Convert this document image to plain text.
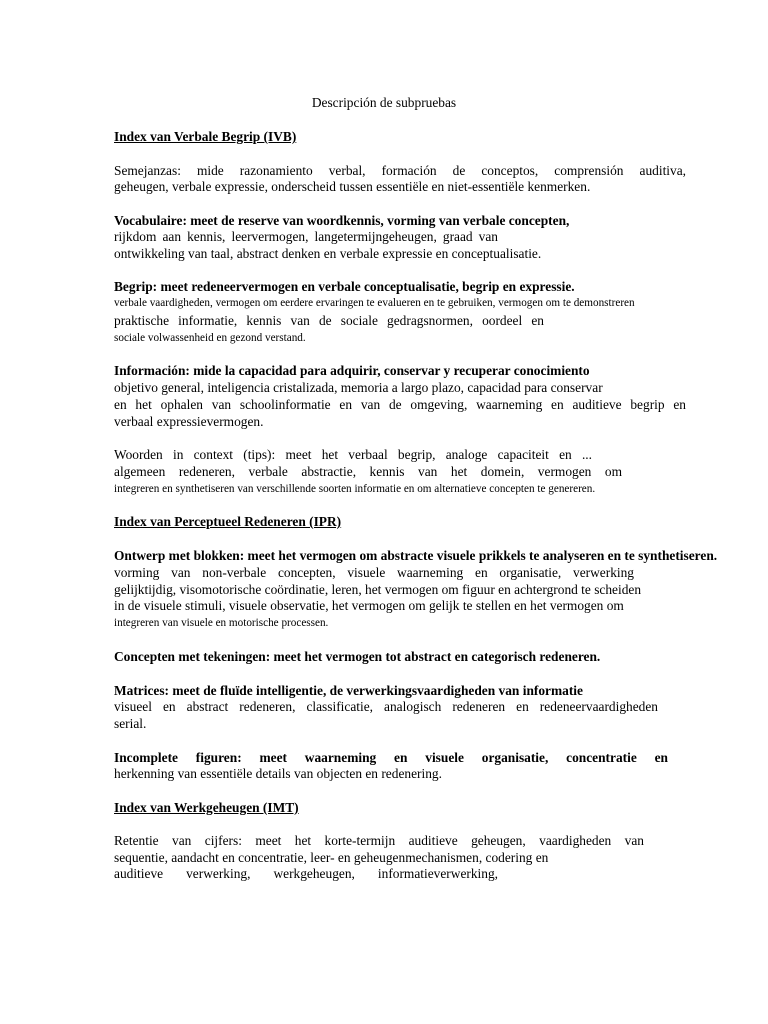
Descripción de subpruebas

Index van Verbale Begrip (IVB)

Semejanzas: mide razonamiento verbal, formación de conceptos, comprensión auditiva,

geheugen, verbale expressie, onderscheid tussen essentiële en niet-essentiële kenmerken.

Vocabulaire: meet de reserve van woordkennis, vorming van verbale concepten,

rijkdom aan kennis, leervermogen, langetermijngeheugen, graad van

ontwikkeling van taal, abstract denken en verbale expressie en conceptualisatie.

Begrip: meet redeneervermogen en verbale conceptualisatie, begrip en expressie.

verbale vaardigheden, vermogen om eerdere ervaringen te evalueren en te gebruiken, vermogen om te demonstreren

praktische informatie, kennis van de sociale gedragsnormen, oordeel en

sociale volwassenheid en gezond verstand.

Información: mide la capacidad para adquirir, conservar y recuperar conocimiento

objetivo general, inteligencia cristalizada, memoria a largo plazo, capacidad para conservar

en het ophalen van schoolinformatie en van de omgeving, waarneming en auditieve begrip en

verbaal expressievermogen.

Woorden in context (tips): meet het verbaal begrip, analoge capaciteit en ...

algemeen redeneren, verbale abstractie, kennis van het domein, vermogen om

integreren en synthetiseren van verschillende soorten informatie en om alternatieve concepten te genereren.

Index van Perceptueel Redeneren (IPR)

Ontwerp met blokken: meet het vermogen om abstracte visuele prikkels te analyseren en te synthetiseren.

vorming van non-verbale concepten, visuele waarneming en organisatie, verwerking

gelijktijdig, visomotorische coördinatie, leren, het vermogen om figuur en achtergrond te scheiden

in de visuele stimuli, visuele observatie, het vermogen om gelijk te stellen en het vermogen om

integreren van visuele en motorische processen.

Concepten met tekeningen: meet het vermogen tot abstract en categorisch redeneren.

Matrices: meet de fluïde intelligentie, de verwerkingsvaardigheden van informatie

visueel en abstract redeneren, classificatie, analogisch redeneren en redeneervaardigheden

serial.

Incomplete figuren: meet waarneming en visuele organisatie, concentratie en

herkenning van essentiële details van objecten en redenering.

Index van Werkgeheugen (IMT)

Retentie van cijfers: meet het korte-termijn auditieve geheugen, vaardigheden van

sequentie, aandacht en concentratie, leer- en geheugenmechanismen, codering en

auditieve verwerking, werkgeheugen, informatieverwerking,
